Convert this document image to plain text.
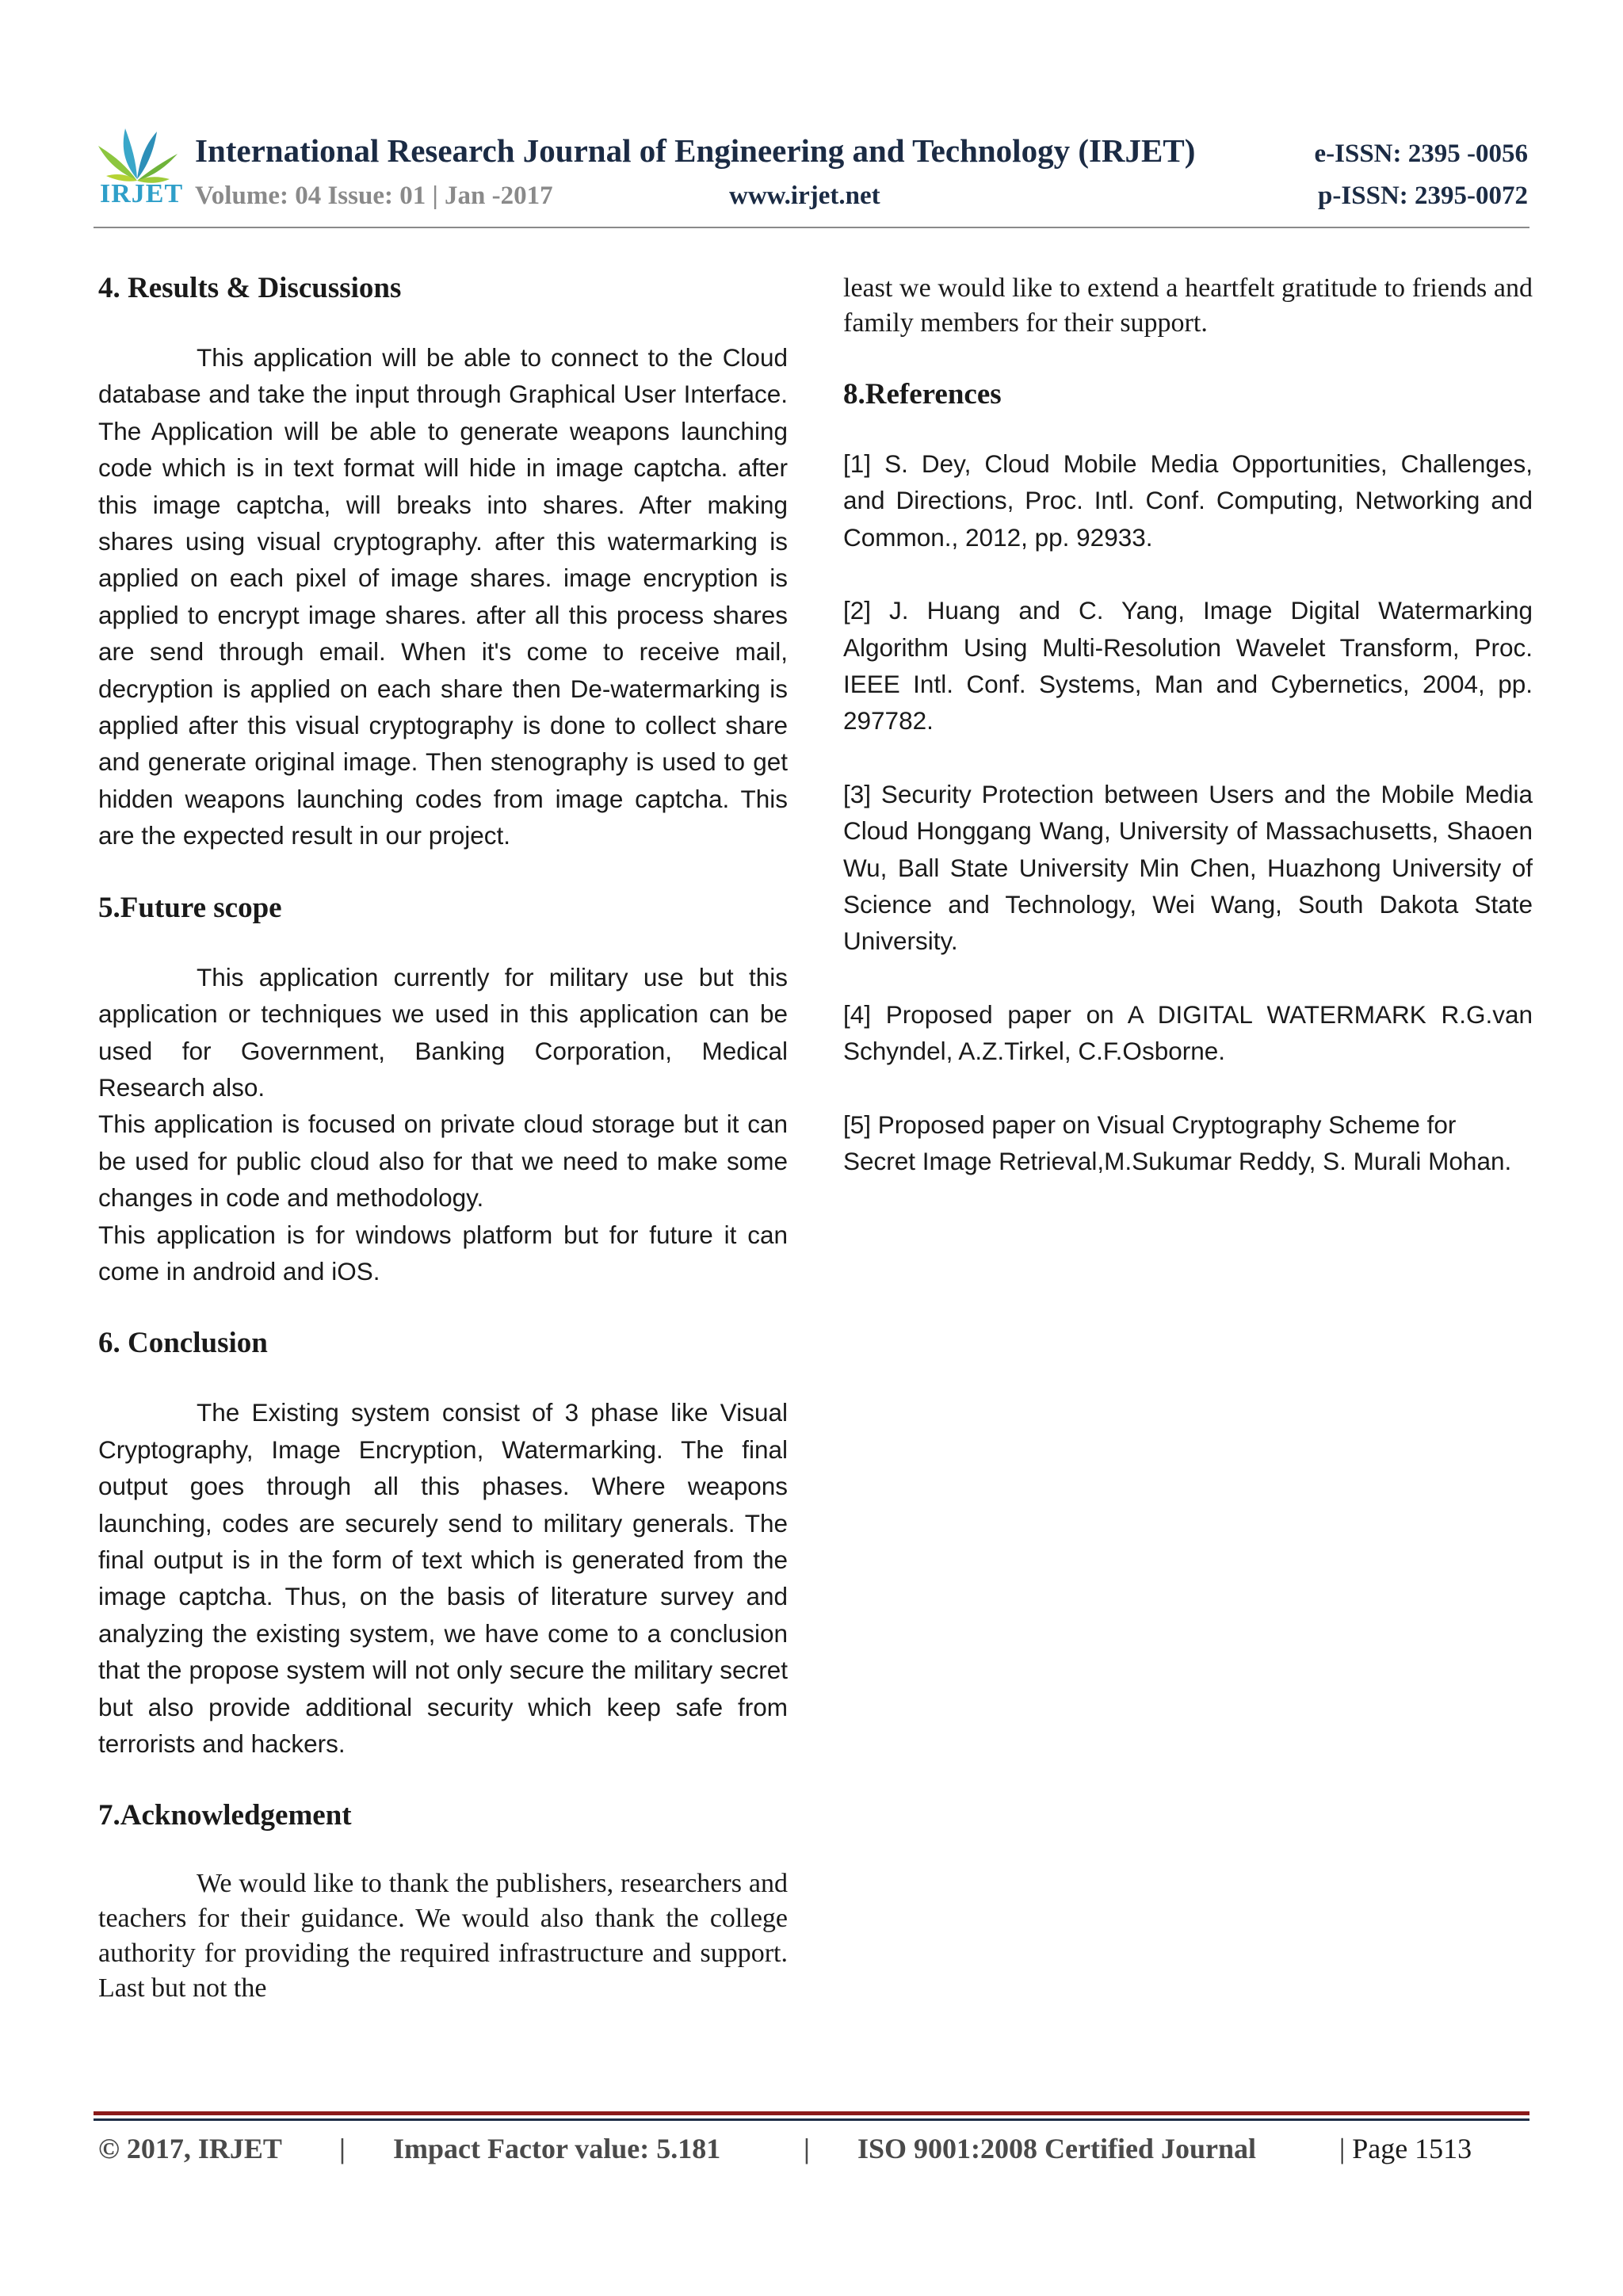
IRJET
International Research Journal of Engineering and Technology (IRJET)	e-ISSN: 2395 -0056
Volume: 04 Issue: 01 | Jan -2017	www.irjet.net	p-ISSN: 2395-0072
4. Results & Discussions

This application will be able to connect to the Cloud database and take the input through Graphical User Interface. The Application will be able to generate weapons launching code which is in text format will hide in image captcha. after this image captcha, will breaks into shares. After making shares using visual cryptography. after this watermarking is applied on each pixel of image shares. image encryption is applied to encrypt image shares. after all this process shares are send through email. When it's come to receive mail, decryption is applied on each share then De-watermarking is applied after this visual cryptography is done to collect share and generate original image. Then stenography is used to get hidden weapons launching codes from image captcha. This are the expected result in our project.

5.Future scope

This application currently for military use but this application or techniques we used in this application can be used for Government, Banking Corporation, Medical Research also.

This application is focused on private cloud storage but it can be used for public cloud also for that we need to make some changes in code and methodology.

This application is for windows platform but for future it can come in android and iOS.

6. Conclusion

The Existing system consist of 3 phase like Visual Cryptography, Image Encryption, Watermarking. The final output goes through all this phases. Where weapons launching, codes are securely send to military generals. The final output is in the form of text which is generated from the image captcha. Thus, on the basis of literature survey and analyzing the existing system, we have come to a conclusion that the propose system will not only secure the military secret but also provide additional security which keep safe from terrorists and hackers.

7.Acknowledgement

We would like to thank the publishers, researchers and teachers for their guidance. We would also thank the college authority for providing the required infrastructure and support. Last but not the

least we would like to extend a heartfelt gratitude to friends and family members for their support.

8.References

[1] S. Dey, Cloud Mobile Media Opportunities, Challenges, and Directions, Proc. Intl. Conf. Computing, Networking and Common., 2012, pp. 92933.

[2] J. Huang and C. Yang, Image Digital Watermarking Algorithm Using Multi-Resolution Wavelet Transform, Proc. IEEE Intl. Conf. Systems, Man and Cybernetics, 2004, pp. 297782.

[3] Security Protection between Users and the Mobile Media Cloud Honggang Wang, University of Massachusetts, Shaoen Wu, Ball State University Min Chen, Huazhong University of Science and Technology, Wei Wang, South Dakota State University.

[4] Proposed paper on A DIGITAL WATERMARK R.G.van Schyndel, A.Z.Tirkel, C.F.Osborne.

[5] Proposed paper on Visual Cryptography Scheme for Secret Image Retrieval,M.Sukumar Reddy, S. Murali Mohan.

© 2017, IRJET | Impact Factor value: 5.181	| ISO 9001:2008 Certified Journal	| Page 1513
